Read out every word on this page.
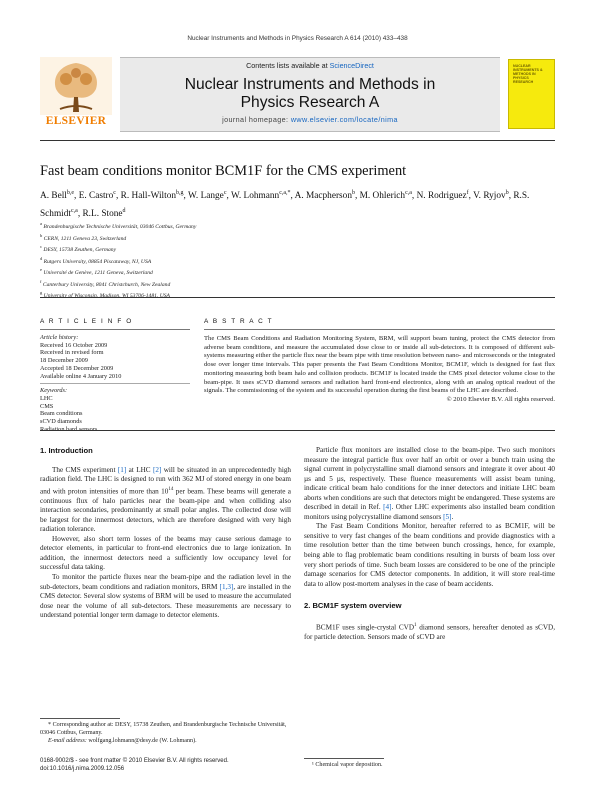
Nuclear Instruments and Methods in Physics Research A 614 (2010) 433–438
ELSEVIER
Contents lists available at ScienceDirect
Nuclear Instruments and Methods in
Physics Research A
journal homepage: www.elsevier.com/locate/nima
NUCLEAR INSTRUMENTS & METHODS IN PHYSICS RESEARCH
Fast beam conditions monitor BCM1F for the CMS experiment
A. Bell$^{b,e}$, E. Castro$^c$, R. Hall-Wilton$^{b,g}$, W. Lange$^c$, W. Lohmann$^{c,a,*}$, A. Macpherson$^b$, M. Ohlerich$^{c,a}$, N. Rodriguez$^f$, V. Ryjov$^b$, R.S. Schmidt$^{c,a}$, R.L. Stone$^d$
$^a$ Brandenburgische Technische Universität, 03046 Cottbus, Germany
$^b$ CERN, 1211 Geneva 23, Switzerland
$^c$ DESY, 15738 Zeuthen, Germany
$^d$ Rutgers University, 08854 Piscataway, NJ, USA
$^e$ Université de Genève, 1211 Geneva, Switzerland
$^f$ Canterbury University, 8041 Christchurch, New Zealand
$^g$ University of Wisconsin, Madison, WI 53706-1481, USA
A R T I C L E I N F O
Article history:
Received 16 October 2009
Received in revised form
18 December 2009
Accepted 18 December 2009
Available online 4 January 2010
Keywords:
LHC
CMS
Beam conditions
sCVD diamonds
Radiation hard sensors
A B S T R A C T
The CMS Beam Conditions and Radiation Monitoring System, BRM, will support beam tuning, protect the CMS detector from adverse beam conditions, and measure the accumulated dose close to or inside all sub-detectors. It is composed of different sub-systems measuring either the particle flux near the beam pipe with time resolution between nano- and microseconds or the integrated dose over longer time intervals. This paper presents the Fast Beam Conditions Monitor, BCM1F, which is designed for fast flux monitoring measuring both beam halo and collision products. BCM1F is located inside the CMS pixel detector volume close to the beam-pipe. It uses sCVD diamond sensors and radiation hard front-end electronics, along with an analog optical readout of the signals. The commissioning of the system and its successful operation during the first beams of the LHC are described.
© 2010 Elsevier B.V. All rights reserved.
1. Introduction

The CMS experiment [1] at LHC [2] will be situated in an unprecedentedly high radiation field. The LHC is designed to run with 362 MJ of stored energy in one beam and with proton intensities of more than $10^{14}$ per beam. These beams will generate a continuous flux of halo particles near the beam-pipe and when colliding also interaction secondaries, predominantly at small polar angles. The collected dose will be largest for the innermost detectors, which are therefore designed with very high radiation tolerance.

However, also short term losses of the beams may cause serious damage to detector elements, in particular to front-end electronics due to large ionization. In addition, the innermost detectors need a sufficiently low occupancy level for successful data taking.

To monitor the particle fluxes near the beam-pipe and the radiation level in the sub-detectors, beam conditions and radiation monitors, BRM [1,3], are installed in the CMS detector. Several slow systems of BRM will be used to measure the accumulated dose near the volume of all sub-detectors. These measurements are necessary to understand potential longer term damage to detector elements.

* Corresponding author at: DESY, 15738 Zeuthen, and Brandenburgische Technische Universität, 03046 Cottbus, Germany.
E-mail address: wolfgang.lohmann@desy.de (W. Lohmann).

Particle flux monitors are installed close to the beam-pipe. Two such monitors measure the integral particle flux over half an orbit or over a bunch train using the signal current in polycrystalline small diamond sensors and integrate it over about 40 µs and 5 µs, respectively. These fluence measurements will assist beam tuning, indicate critical beam halo conditions for the inner detectors and initiate LHC beam aborts when conditions are such that detectors might be endangered. These systems are described in detail in Ref. [4]. Other LHC experiments also installed beam condition monitors using polycrystalline diamond sensors [5].

The Fast Beam Conditions Monitor, hereafter referred to as BCM1F, will be sensitive to very fast changes of the beam conditions and provide diagnostics with a time resolution better than the time between bunch crossings, hence, for example, being able to flag problematic beam conditions resulting in bursts of beam loss over very short periods of time. Such beam losses are considered to be one of the principle damage scenarios for CMS detector components. In addition, it will store real-time data to allow post-mortem analyses in the case of beam accidents.

2. BCM1F system overview

BCM1F uses single-crystal CVD$^1$ diamond sensors, hereafter denoted as sCVD, for particle detection. Sensors made of sCVD are

¹ Chemical vapor deposition.
0168-9002/$ - see front matter © 2010 Elsevier B.V. All rights reserved.
doi:10.1016/j.nima.2009.12.056
